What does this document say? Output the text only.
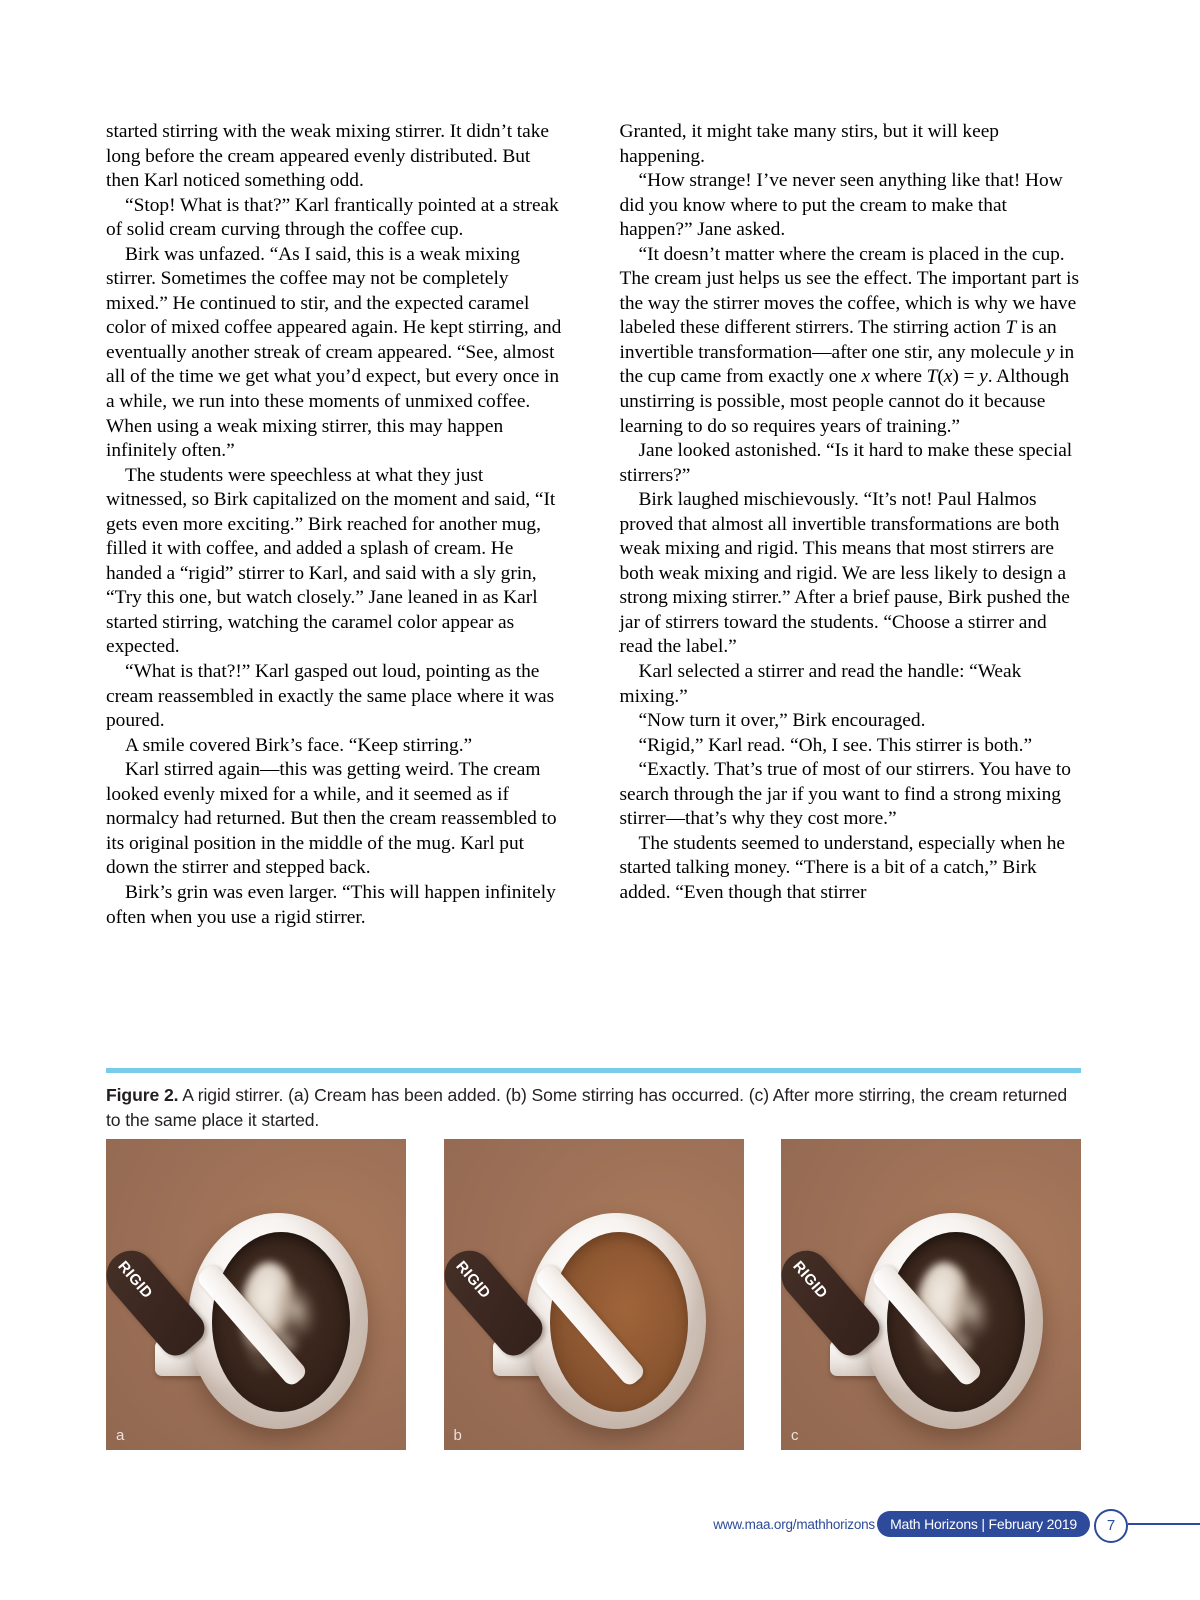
started stirring with the weak mixing stirrer. It didn’t take long before the cream appeared evenly distributed. But then Karl noticed something odd.

“Stop! What is that?” Karl frantically pointed at a streak of solid cream curving through the coffee cup.

Birk was unfazed. “As I said, this is a weak mixing stirrer. Sometimes the coffee may not be completely mixed.” He continued to stir, and the expected caramel color of mixed coffee appeared again. He kept stirring, and eventually another streak of cream appeared. “See, almost all of the time we get what you’d expect, but every once in a while, we run into these moments of unmixed coffee. When using a weak mixing stirrer, this may happen infinitely often.”

The students were speechless at what they just witnessed, so Birk capitalized on the moment and said, “It gets even more exciting.” Birk reached for another mug, filled it with coffee, and added a splash of cream. He handed a “rigid” stirrer to Karl, and said with a sly grin, “Try this one, but watch closely.” Jane leaned in as Karl started stirring, watching the caramel color appear as expected.

“What is that?!” Karl gasped out loud, pointing as the cream reassembled in exactly the same place where it was poured.

A smile covered Birk’s face. “Keep stirring.”

Karl stirred again—this was getting weird. The cream looked evenly mixed for a while, and it seemed as if normalcy had returned. But then the cream reassembled to its original position in the middle of the mug. Karl put down the stirrer and stepped back.

Birk’s grin was even larger. “This will happen infinitely often when you use a rigid stirrer.

Granted, it might take many stirs, but it will keep happening.

“How strange! I’ve never seen anything like that! How did you know where to put the cream to make that happen?” Jane asked.

“It doesn’t matter where the cream is placed in the cup. The cream just helps us see the effect. The important part is the way the stirrer moves the coffee, which is why we have labeled these different stirrers. The stirring action T is an invertible transformation—after one stir, any molecule y in the cup came from exactly one x where T(x) = y. Although unstirring is possible, most people cannot do it because learning to do so requires years of training.”

Jane looked astonished. “Is it hard to make these special stirrers?”

Birk laughed mischievously. “It’s not! Paul Halmos proved that almost all invertible transformations are both weak mixing and rigid. This means that most stirrers are both weak mixing and rigid. We are less likely to design a strong mixing stirrer.” After a brief pause, Birk pushed the jar of stirrers toward the students. “Choose a stirrer and read the label.”

Karl selected a stirrer and read the handle: “Weak mixing.”

“Now turn it over,” Birk encouraged.

“Rigid,” Karl read. “Oh, I see. This stirrer is both.”

“Exactly. That’s true of most of our stirrers. You have to search through the jar if you want to find a strong mixing stirrer—that’s why they cost more.”

The students seemed to understand, especially when he started talking money. “There is a bit of a catch,” Birk added. “Even though that stirrer

Figure 2. A rigid stirrer. (a) Cream has been added. (b) Some stirring has occurred. (c) After more stirring, the cream returned to the same place it started.
RIGID
a
RIGID
b
RIGID
c
www.maa.org/mathhorizons	Math Horizons | February 2019	7
